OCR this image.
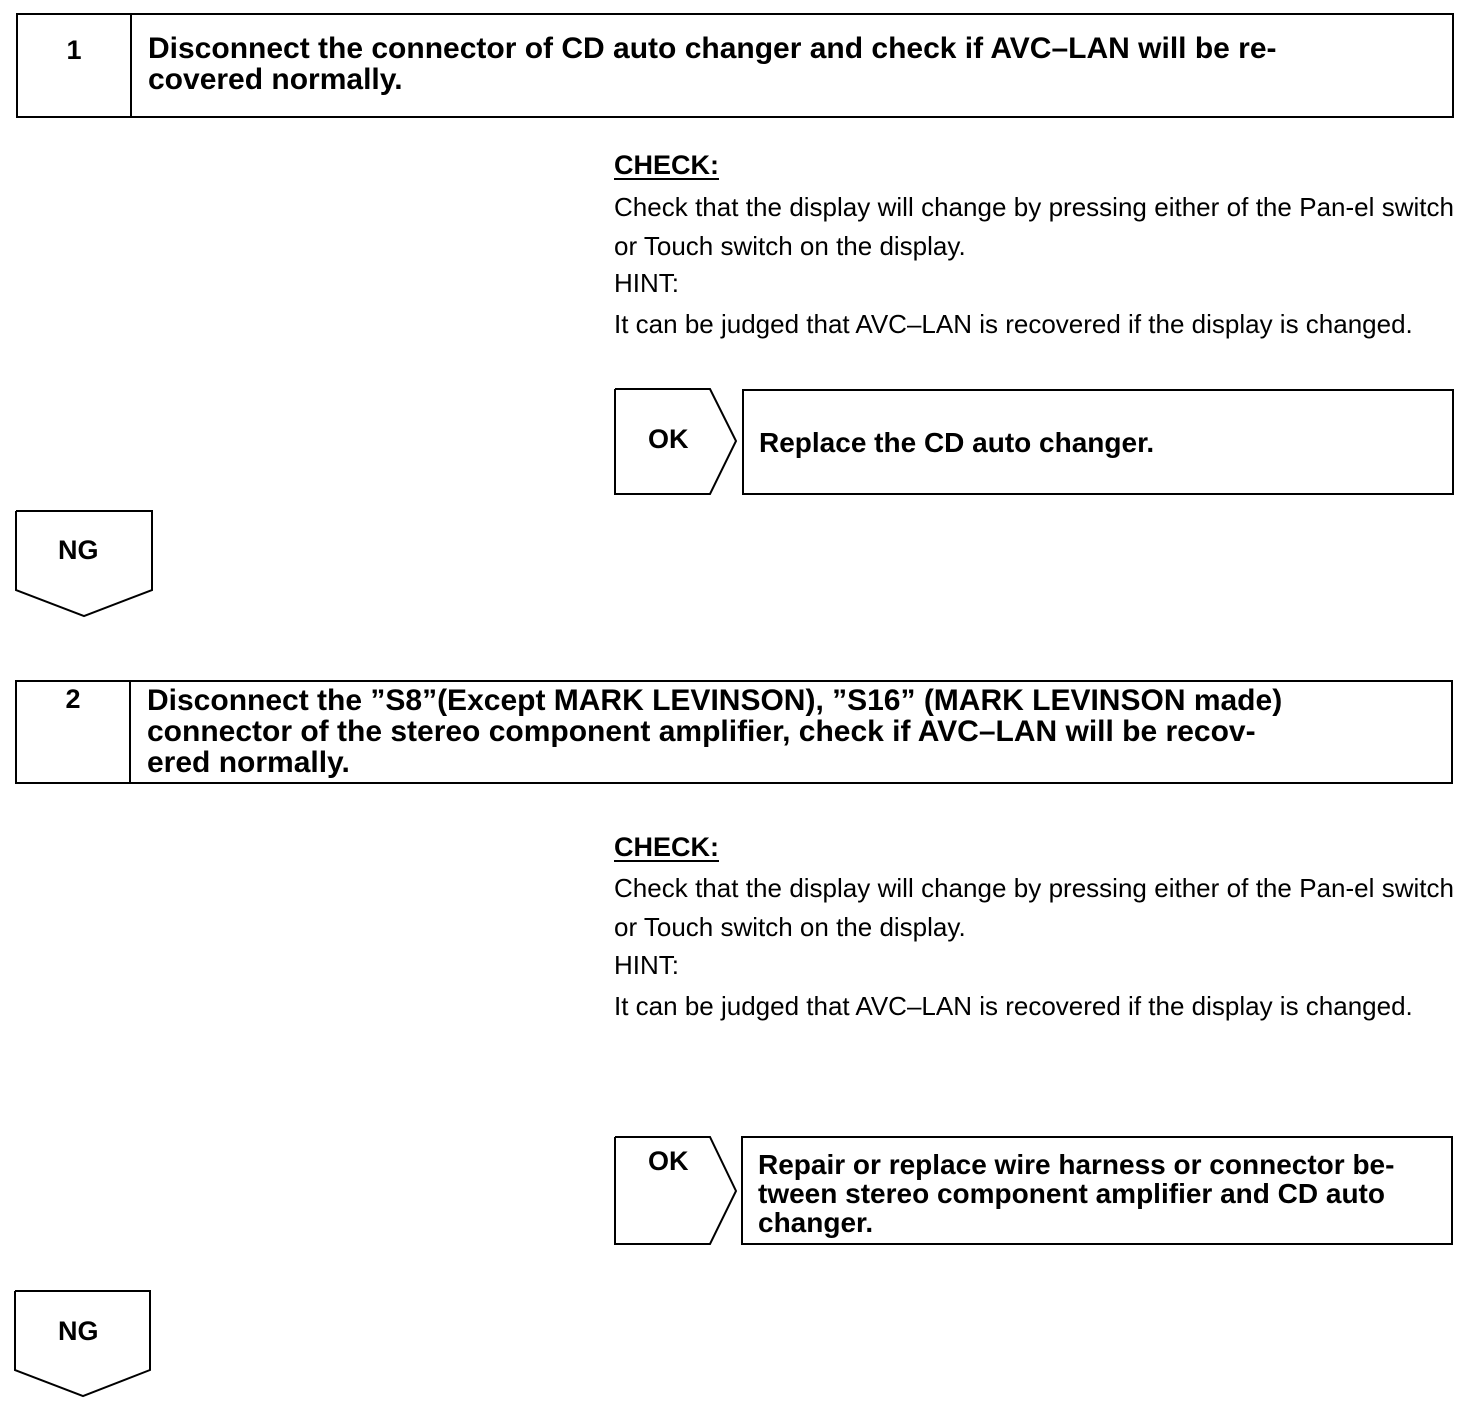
1	Disconnect the connector of CD auto changer and check if AVC–LAN will be re-
covered normally.
CHECK:
Check that the display will change by pressing either of the Pan-el switch or Touch switch on the display.
HINT:
It can be judged that AVC–LAN is recovered if the display is changed.
OK	Replace the CD auto changer.
NG
2	Disconnect the ”S8”(Except MARK LEVINSON), ”S16” (MARK LEVINSON made)
connector of the stereo component amplifier, check if AVC–LAN will be recov-
ered normally.
CHECK:
Check that the display will change by pressing either of the Pan-el switch or Touch switch on the display.
HINT:
It can be judged that AVC–LAN is recovered if the display is changed.
OK Repair or replace wire harness or connector be-
tween stereo component amplifier and CD auto
changer.
NG
